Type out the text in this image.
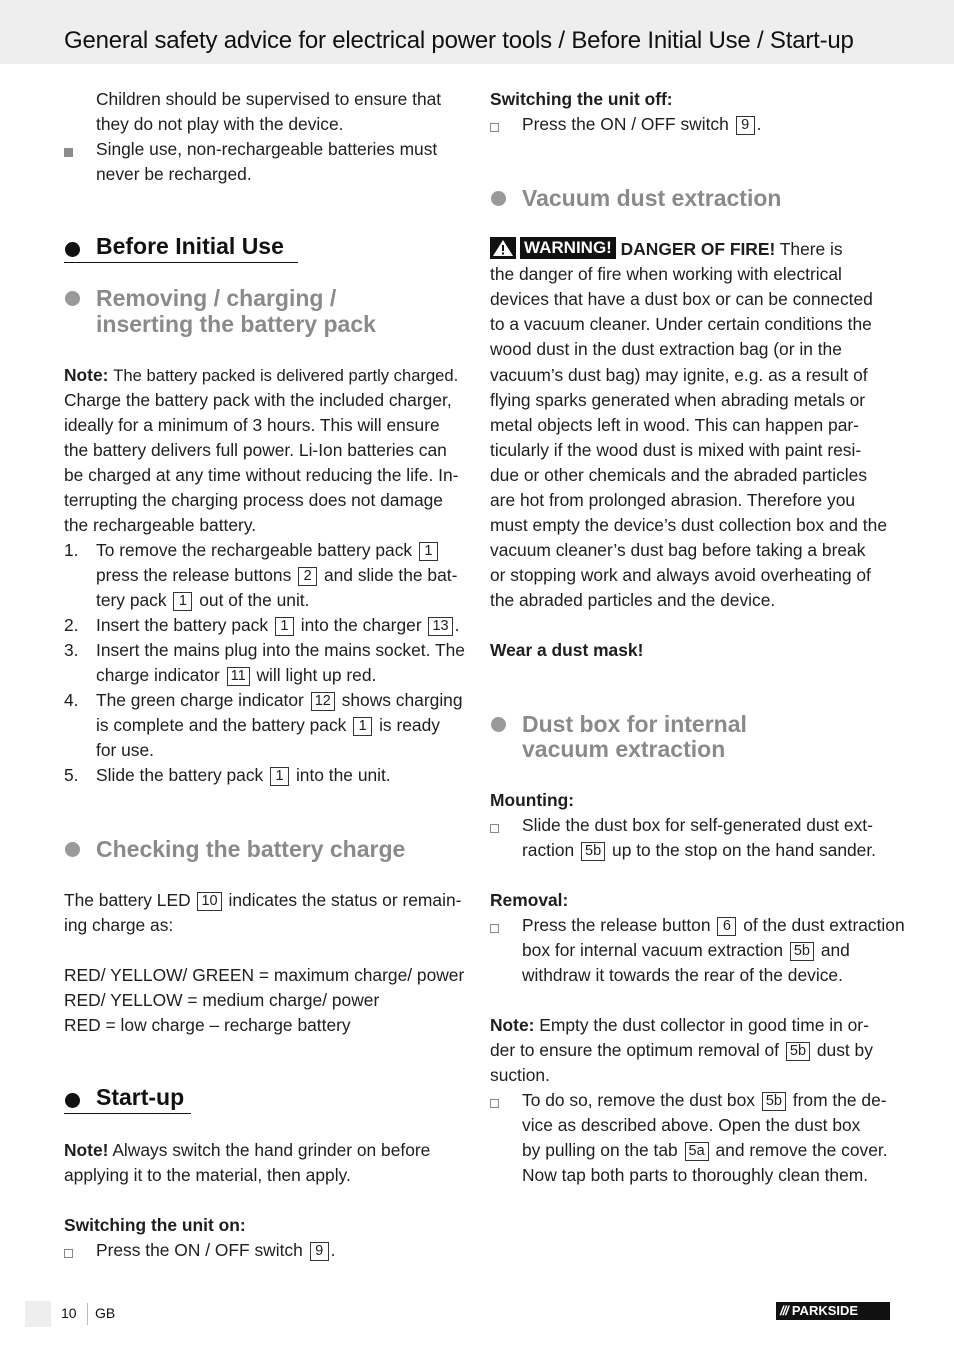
General safety advice for electrical power tools / Before Initial Use / Start-up
Children should be supervised to ensure that
they do not play with the device.
Single use, non-rechargeable batteries must
never be recharged.
Before Initial Use
Removing / charging /
inserting the battery pack
Note: The battery packed is delivered partly charged.
Charge the battery pack with the included charger,
ideally for a minimum of 3 hours. This will ensure
the battery delivers full power. Li-Ion batteries can
be charged at any time without reducing the life. In-
terrupting the charging process does not damage
the rechargeable battery.
1. To remove the rechargeable battery pack 1
press the release buttons 2 and slide the bat-
tery pack 1 out of the unit.
2. Insert the battery pack 1 into the charger 13 .
3. Insert the mains plug into the mains socket. The
charge indicator 11 will light up red.
4. The green charge indicator 12 shows charging
is complete and the battery pack 1 is ready
for use.
5. Slide the battery pack 1 into the unit.
Checking the battery charge
The battery LED 10 indicates the status or remain-
ing charge as:
RED/ YELLOW/ GREEN = maximum charge/ power
RED/ YELLOW = medium charge/ power
RED = low charge – recharge battery
Start-up
Note! Always switch the hand grinder on before
applying it to the material, then apply.
Switching the unit on:
Press the ON / OFF switch 9 .
Switching the unit off:
Press the ON / OFF switch 9 .
Vacuum dust extraction
WARNING! DANGER OF FIRE! There is
the danger of fire when working with electrical
devices that have a dust box or can be connected
to a vacuum cleaner. Under certain conditions the
wood dust in the dust extraction bag (or in the
vacuum’s dust bag) may ignite, e.g. as a result of
flying sparks generated when abrading metals or
metal objects left in wood. This can happen par-
ticularly if the wood dust is mixed with paint resi-
due or other chemicals and the abraded particles
are hot from prolonged abrasion. Therefore you
must empty the device’s dust collection box and the
vacuum cleaner’s dust bag before taking a break
or stopping work and always avoid overheating of
the abraded particles and the device.
Wear a dust mask!
Dust box for internal
vacuum extraction
Mounting:
Slide the dust box for self-generated dust ext-
raction 5b up to the stop on the hand sander.
Removal:
Press the release button 6 of the dust extraction
box for internal vacuum extraction 5b and
withdraw it towards the rear of the device.
Note: Empty the dust collector in good time in or-
der to ensure the optimum removal of 5b dust by
suction.
To do so, remove the dust box 5b from the de-
vice as described above. Open the dust box
by pulling on the tab 5a and remove the cover.
Now tap both parts to thoroughly clean them.
10 GB	/// PARKSIDE
